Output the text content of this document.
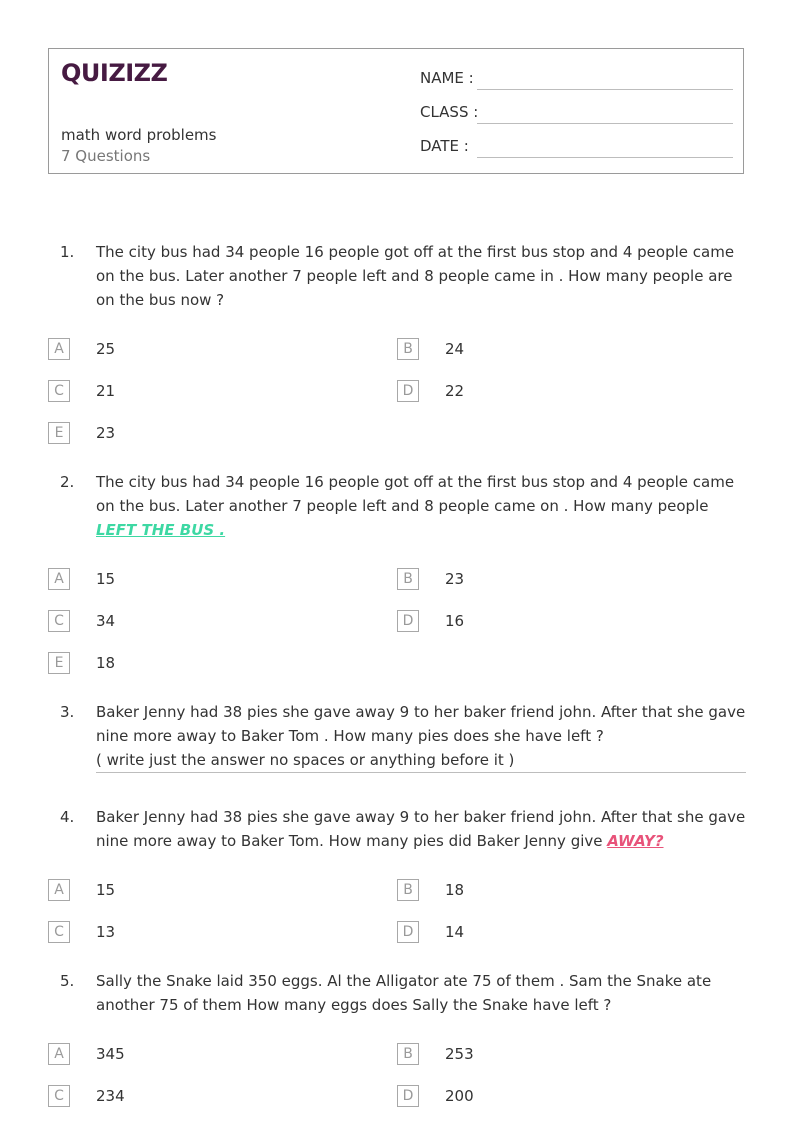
QUIZIZZ
math word problems
7 Questions
NAME :
CLASS :
DATE :
1. The city bus had 34 people 16 people got off at the first bus stop and 4 people came on the bus. Later another 7 people left and 8 people came in . How many people are on the bus now ?
A	25	B	24
C	21	D	22
E	23
2. The city bus had 34 people 16 people got off at the first bus stop and 4 people came on the bus. Later another 7 people left and 8 people came on . How many people LEFT THE BUS .
A	15	B	23
C	34	D	16
E	18
3. Baker Jenny had 38 pies she gave away 9 to her baker friend john. After that she gave nine more away to Baker Tom . How many pies does she have left ?
( write just the answer no spaces or anything before it )
4. Baker Jenny had 38 pies she gave away 9 to her baker friend john. After that she gave nine more away to Baker Tom. How many pies did Baker Jenny give AWAY?
A	15	B	18
C	13	D	14
5. Sally the Snake laid 350 eggs. Al the Alligator ate 75 of them . Sam the Snake ate another 75 of them How many eggs does Sally the Snake have left ?
A	345	B	253
C	234	D	200
